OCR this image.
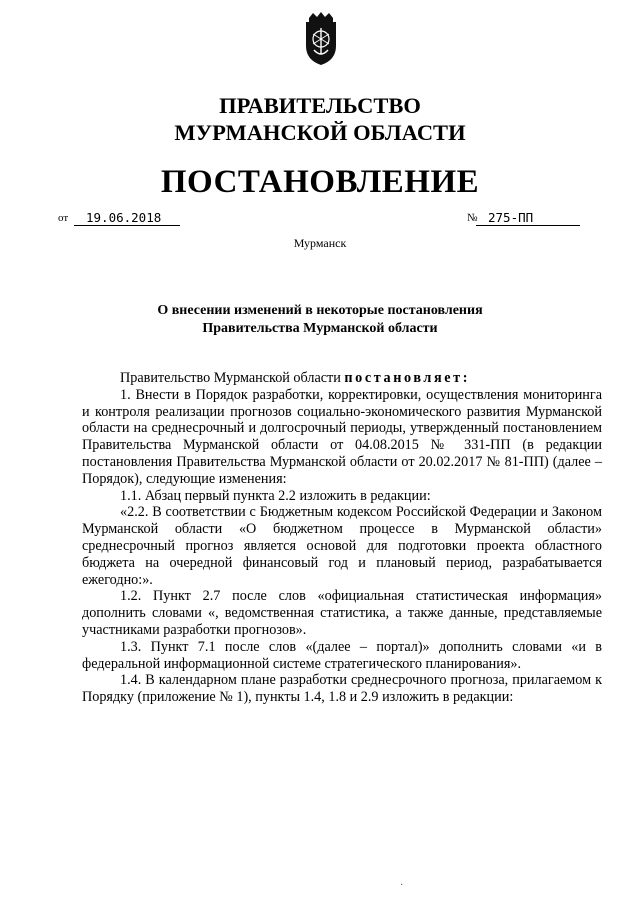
ПРАВИТЕЛЬСТВО
МУРМАНСКОЙ ОБЛАСТИ
ПОСТАНОВЛЕНИЕ
от	19.06.2018	№ 275-ПП
Мурманск
О внесении изменений в некоторые постановления
Правительства Мурманской области

Правительство Мурманской области постановляет:

1. Внести в Порядок разработки, корректировки, осуществления мониторинга и контроля реализации прогнозов социально-экономического развития Мурманской области на среднесрочный и долгосрочный периоды, утвержденный постановлением Правительства Мурманской области от 04.08.2015 № 331-ПП (в редакции постановления Правительства Мурманской области от 20.02.2017 № 81-ПП) (далее – Порядок), следующие изменения:

1.1. Абзац первый пункта 2.2 изложить в редакции:

«2.2. В соответствии с Бюджетным кодексом Российской Федерации и Законом Мурманской области «О бюджетном процессе в Мурманской области» среднесрочный прогноз является основой для подготовки проекта областного бюджета на очередной финансовый год и плановый период, разрабатывается ежегодно:».

1.2. Пункт 2.7 после слов «официальная статистическая информация» дополнить словами «, ведомственная статистика, а также данные, представляемые участниками разработки прогнозов».

1.3. Пункт 7.1 после слов «(далее – портал)» дополнить словами «и в федеральной информационной системе стратегического планирования».

1.4. В календарном плане разработки среднесрочного прогноза, прилагаемом к Порядку (приложение № 1), пункты 1.4, 1.8 и 2.9 изложить в редакции:

·ﾞ
